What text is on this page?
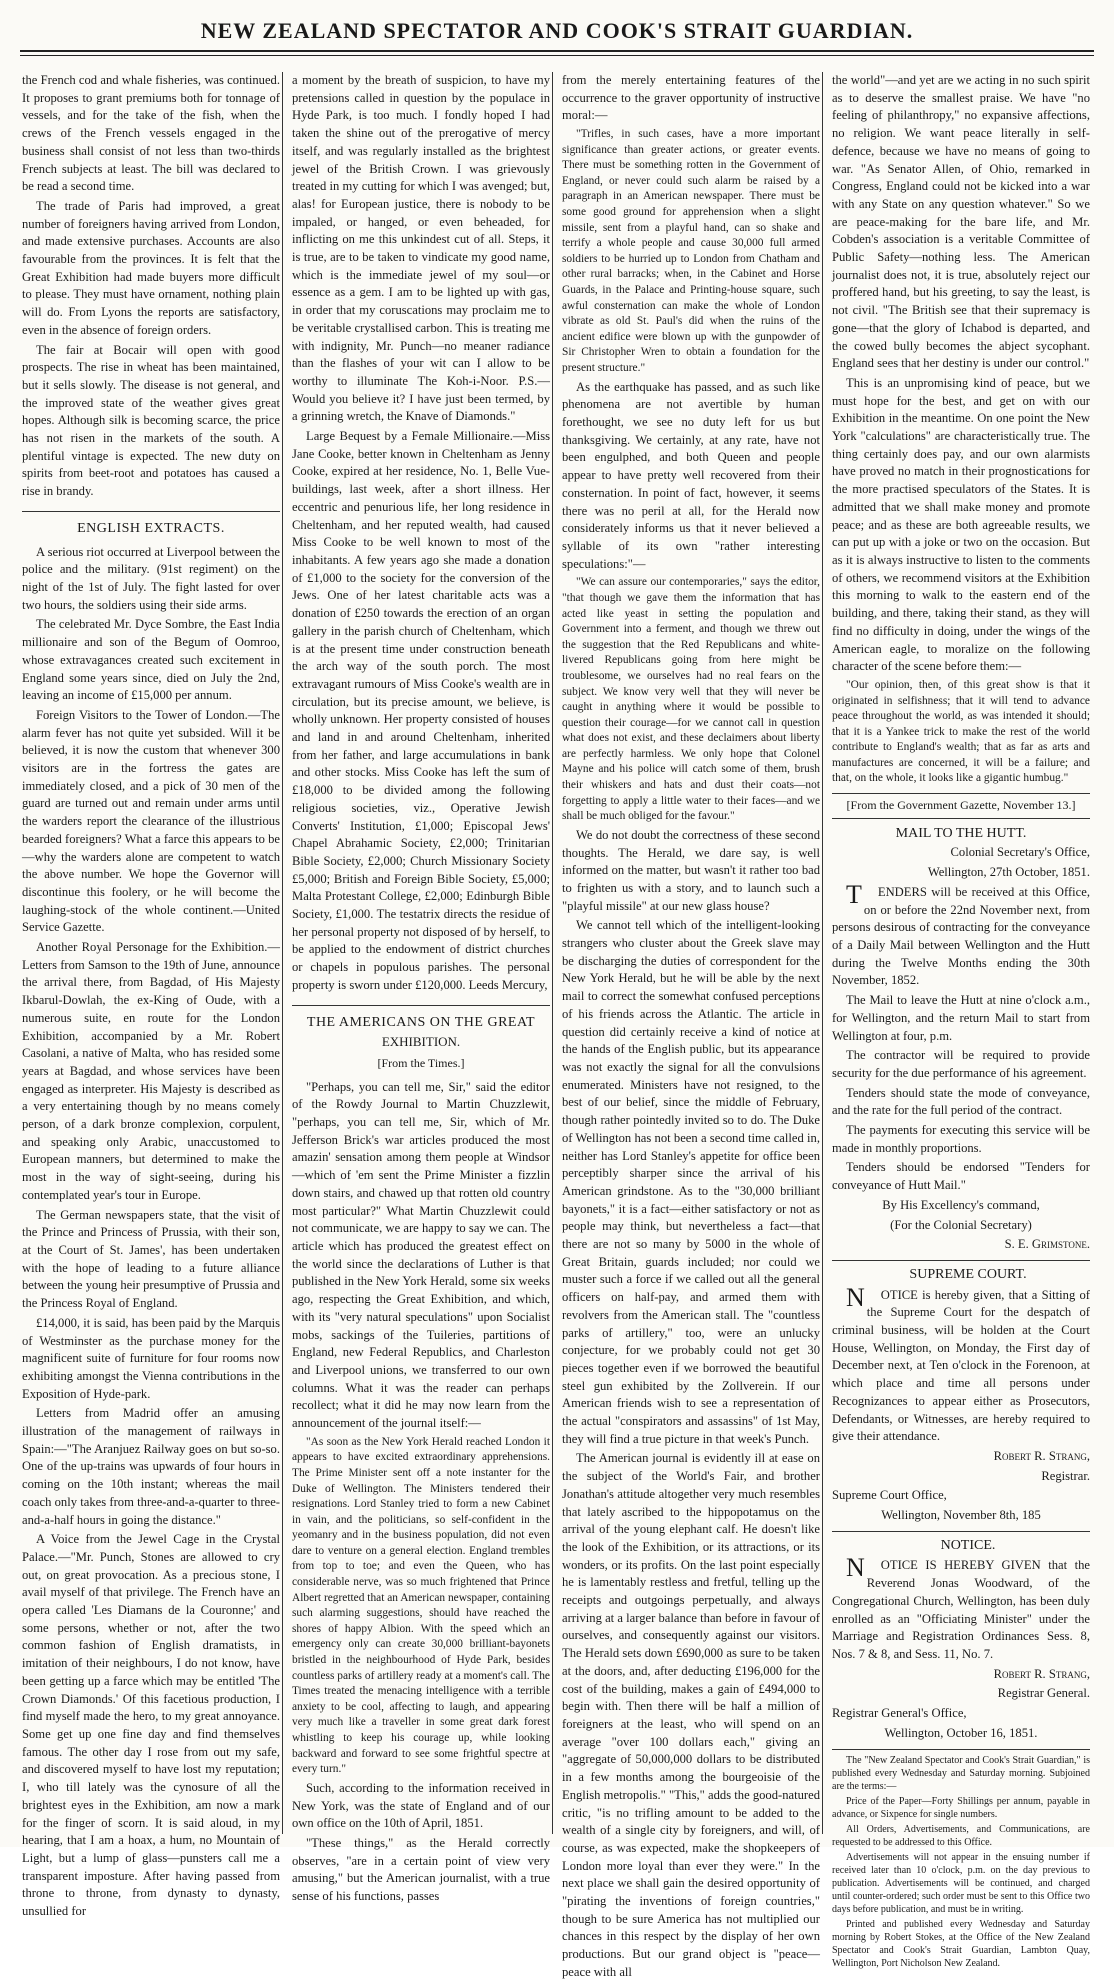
NEW ZEALAND SPECTATOR AND COOK'S STRAIT GUARDIAN.

the French cod and whale fisheries, was continued. It proposes to grant premiums both for tonnage of vessels, and for the take of the fish, when the crews of the French vessels engaged in the business shall consist of not less than two-thirds French subjects at least. The bill was declared to be read a second time.

The trade of Paris had improved, a great number of foreigners having arrived from London, and made extensive purchases. Accounts are also favourable from the provinces. It is felt that the Great Exhibition had made buyers more difficult to please. They must have ornament, nothing plain will do. From Lyons the reports are satisfactory, even in the absence of foreign orders.

The fair at Bocair will open with good prospects. The rise in wheat has been maintained, but it sells slowly. The disease is not general, and the improved state of the weather gives great hopes. Although silk is becoming scarce, the price has not risen in the markets of the south. A plentiful vintage is expected. The new duty on spirits from beet-root and potatoes has caused a rise in brandy.

ENGLISH EXTRACTS.

A serious riot occurred at Liverpool between the police and the military. (91st regiment) on the night of the 1st of July. The fight lasted for over two hours, the soldiers using their side arms.

The celebrated Mr. Dyce Sombre, the East India millionaire and son of the Begum of Oomroo, whose extravagances created such excitement in England some years since, died on July the 2nd, leaving an income of £15,000 per annum.

Foreign Visitors to the Tower of London.—The alarm fever has not quite yet subsided. Will it be believed, it is now the custom that whenever 300 visitors are in the fortress the gates are immediately closed, and a pick of 30 men of the guard are turned out and remain under arms until the warders report the clearance of the illustrious bearded foreigners? What a farce this appears to be—why the warders alone are competent to watch the above number. We hope the Governor will discontinue this foolery, or he will become the laughing-stock of the whole continent.—United Service Gazette.

Another Royal Personage for the Exhibition.—Letters from Samson to the 19th of June, announce the arrival there, from Bagdad, of His Majesty Ikbarul-Dowlah, the ex-King of Oude, with a numerous suite, en route for the London Exhibition, accompanied by a Mr. Robert Casolani, a native of Malta, who has resided some years at Bagdad, and whose services have been engaged as interpreter. His Majesty is described as a very entertaining though by no means comely person, of a dark bronze complexion, corpulent, and speaking only Arabic, unaccustomed to European manners, but determined to make the most in the way of sight-seeing, during his contemplated year's tour in Europe.

The German newspapers state, that the visit of the Prince and Princess of Prussia, with their son, at the Court of St. James', has been undertaken with the hope of leading to a future alliance between the young heir presumptive of Prussia and the Princess Royal of England.

£14,000, it is said, has been paid by the Marquis of Westminster as the purchase money for the magnificent suite of furniture for four rooms now exhibiting amongst the Vienna contributions in the Exposition of Hyde-park.

Letters from Madrid offer an amusing illustration of the management of railways in Spain:—"The Aranjuez Railway goes on but so-so. One of the up-trains was upwards of four hours in coming on the 10th instant; whereas the mail coach only takes from three-and-a-quarter to three-and-a-half hours in going the distance."

A Voice from the Jewel Cage in the Crystal Palace.—"Mr. Punch, Stones are allowed to cry out, on great provocation. As a precious stone, I avail myself of that privilege. The French have an opera called 'Les Diamans de la Couronne;' and some persons, whether or not, after the two common fashion of English dramatists, in imitation of their neighbours, I do not know, have been getting up a farce which may be entitled 'The Crown Diamonds.' Of this facetious production, I find myself made the hero, to my great annoyance. Some get up one fine day and find themselves famous. The other day I rose from out my safe, and discovered myself to have lost my reputation; I, who till lately was the cynosure of all the brightest eyes in the Exhibition, am now a mark for the finger of scorn. It is said aloud, in my hearing, that I am a hoax, a hum, no Mountain of Light, but a lump of glass—punsters call me a transparent imposture. After having passed from throne to throne, from dynasty to dynasty, unsullied for

a moment by the breath of suspicion, to have my pretensions called in question by the populace in Hyde Park, is too much. I fondly hoped I had taken the shine out of the prerogative of mercy itself, and was regularly installed as the brightest jewel of the British Crown. I was grievously treated in my cutting for which I was avenged; but, alas! for European justice, there is nobody to be impaled, or hanged, or even beheaded, for inflicting on me this unkindest cut of all. Steps, it is true, are to be taken to vindicate my good name, which is the immediate jewel of my soul—or essence as a gem. I am to be lighted up with gas, in order that my coruscations may proclaim me to be veritable crystallised carbon. This is treating me with indignity, Mr. Punch—no meaner radiance than the flashes of your wit can I allow to be worthy to illuminate The Koh-i-Noor. P.S.—Would you believe it? I have just been termed, by a grinning wretch, the Knave of Diamonds."

Large Bequest by a Female Millionaire.—Miss Jane Cooke, better known in Cheltenham as Jenny Cooke, expired at her residence, No. 1, Belle Vue-buildings, last week, after a short illness. Her eccentric and penurious life, her long residence in Cheltenham, and her reputed wealth, had caused Miss Cooke to be well known to most of the inhabitants. A few years ago she made a donation of £1,000 to the society for the conversion of the Jews. One of her latest charitable acts was a donation of £250 towards the erection of an organ gallery in the parish church of Cheltenham, which is at the present time under construction beneath the arch way of the south porch. The most extravagant rumours of Miss Cooke's wealth are in circulation, but its precise amount, we believe, is wholly unknown. Her property consisted of houses and land in and around Cheltenham, inherited from her father, and large accumulations in bank and other stocks. Miss Cooke has left the sum of £18,000 to be divided among the following religious societies, viz., Operative Jewish Converts' Institution, £1,000; Episcopal Jews' Chapel Abrahamic Society, £2,000; Trinitarian Bible Society, £2,000; Church Missionary Society £5,000; British and Foreign Bible Society, £5,000; Malta Protestant College, £2,000; Edinburgh Bible Society, £1,000. The testatrix directs the residue of her personal property not disposed of by herself, to be applied to the endowment of district churches or chapels in populous parishes. The personal property is sworn under £120,000. Leeds Mercury,

THE AMERICANS ON THE GREAT
EXHIBITION.

[From the Times.]

"Perhaps, you can tell me, Sir," said the editor of the Rowdy Journal to Martin Chuzzlewit, "perhaps, you can tell me, Sir, which of Mr. Jefferson Brick's war articles produced the most amazin' sensation among them people at Windsor—which of 'em sent the Prime Minister a fizzlin down stairs, and chawed up that rotten old country most particular?" What Martin Chuzzlewit could not communicate, we are happy to say we can. The article which has produced the greatest effect on the world since the declarations of Luther is that published in the New York Herald, some six weeks ago, respecting the Great Exhibition, and which, with its "very natural speculations" upon Socialist mobs, sackings of the Tuileries, partitions of England, new Federal Republics, and Charleston and Liverpool unions, we transferred to our own columns. What it was the reader can perhaps recollect; what it did he may now learn from the announcement of the journal itself:—

"As soon as the New York Herald reached London it appears to have excited extraordinary apprehensions. The Prime Minister sent off a note instanter for the Duke of Wellington. The Ministers tendered their resignations. Lord Stanley tried to form a new Cabinet in vain, and the politicians, so self-confident in the yeomanry and in the business population, did not even dare to venture on a general election. England trembles from top to toe; and even the Queen, who has considerable nerve, was so much frightened that Prince Albert regretted that an American newspaper, containing such alarming suggestions, should have reached the shores of happy Albion. With the speed which an emergency only can create 30,000 brilliant-bayonets bristled in the neighbourhood of Hyde Park, besides countless parks of artillery ready at a moment's call. The Times treated the menacing intelligence with a terrible anxiety to be cool, affecting to laugh, and appearing very much like a traveller in some great dark forest whistling to keep his courage up, while looking backward and forward to see some frightful spectre at every turn."

Such, according to the information received in New York, was the state of England and of our own office on the 10th of April, 1851.

"These things," as the Herald correctly observes, "are in a certain point of view very amusing," but the American journalist, with a true sense of his functions, passes

from the merely entertaining features of the occurrence to the graver opportunity of instructive moral:—

"Trifles, in such cases, have a more important significance than greater actions, or greater events. There must be something rotten in the Government of England, or never could such alarm be raised by a paragraph in an American newspaper. There must be some good ground for apprehension when a slight missile, sent from a playful hand, can so shake and terrify a whole people and cause 30,000 full armed soldiers to be hurried up to London from Chatham and other rural barracks; when, in the Cabinet and Horse Guards, in the Palace and Printing-house square, such awful consternation can make the whole of London vibrate as old St. Paul's did when the ruins of the ancient edifice were blown up with the gunpowder of Sir Christopher Wren to obtain a foundation for the present structure."

As the earthquake has passed, and as such like phenomena are not avertible by human forethought, we see no duty left for us but thanksgiving. We certainly, at any rate, have not been engulphed, and both Queen and people appear to have pretty well recovered from their consternation. In point of fact, however, it seems there was no peril at all, for the Herald now considerately informs us that it never believed a syllable of its own "rather interesting speculations:"—

"We can assure our contemporaries," says the editor, "that though we gave them the information that has acted like yeast in setting the population and Government into a ferment, and though we threw out the suggestion that the Red Republicans and white-livered Republicans going from here might be troublesome, we ourselves had no real fears on the subject. We know very well that they will never be caught in anything where it would be possible to question their courage—for we cannot call in question what does not exist, and these declaimers about liberty are perfectly harmless. We only hope that Colonel Mayne and his police will catch some of them, brush their whiskers and hats and dust their coats—not forgetting to apply a little water to their faces—and we shall be much obliged for the favour."

We do not doubt the correctness of these second thoughts. The Herald, we dare say, is well informed on the matter, but wasn't it rather too bad to frighten us with a story, and to launch such a "playful missile" at our new glass house?

We cannot tell which of the intelligent-looking strangers who cluster about the Greek slave may be discharging the duties of correspondent for the New York Herald, but he will be able by the next mail to correct the somewhat confused perceptions of his friends across the Atlantic. The article in question did certainly receive a kind of notice at the hands of the English public, but its appearance was not exactly the signal for all the convulsions enumerated. Ministers have not resigned, to the best of our belief, since the middle of February, though rather pointedly invited so to do. The Duke of Wellington has not been a second time called in, neither has Lord Stanley's appetite for office been perceptibly sharper since the arrival of his American grindstone. As to the "30,000 brilliant bayonets," it is a fact—either satisfactory or not as people may think, but nevertheless a fact—that there are not so many by 5000 in the whole of Great Britain, guards included; nor could we muster such a force if we called out all the general officers on half-pay, and armed them with revolvers from the American stall. The "countless parks of artillery," too, were an unlucky conjecture, for we probably could not get 30 pieces together even if we borrowed the beautiful steel gun exhibited by the Zollverein. If our American friends wish to see a representation of the actual "conspirators and assassins" of 1st May, they will find a true picture in that week's Punch.

The American journal is evidently ill at ease on the subject of the World's Fair, and brother Jonathan's attitude altogether very much resembles that lately ascribed to the hippopotamus on the arrival of the young elephant calf. He doesn't like the look of the Exhibition, or its attractions, or its wonders, or its profits. On the last point especially he is lamentably restless and fretful, telling up the receipts and outgoings perpetually, and always arriving at a larger balance than before in favour of ourselves, and consequently against our visitors. The Herald sets down £690,000 as sure to be taken at the doors, and, after deducting £196,000 for the cost of the building, makes a gain of £494,000 to begin with. Then there will be half a million of foreigners at the least, who will spend on an average "over 100 dollars each," giving an "aggregate of 50,000,000 dollars to be distributed in a few months among the bourgeoisie of the English metropolis." "This," adds the good-natured critic, "is no trifling amount to be added to the wealth of a single city by foreigners, and will, of course, as was expected, make the shopkeepers of London more loyal than ever they were." In the next place we shall gain the desired opportunity of "pirating the inventions of foreign countries," though to be sure America has not multiplied our chances in this respect by the display of her own productions. But our grand object is "peace—peace with all

the world"—and yet are we acting in no such spirit as to deserve the smallest praise. We have "no feeling of philanthropy," no expansive affections, no religion. We want peace literally in self-defence, because we have no means of going to war. "As Senator Allen, of Ohio, remarked in Congress, England could not be kicked into a war with any State on any question whatever." So we are peace-making for the bare life, and Mr. Cobden's association is a veritable Committee of Public Safety—nothing less. The American journalist does not, it is true, absolutely reject our proffered hand, but his greeting, to say the least, is not civil. "The British see that their supremacy is gone—that the glory of Ichabod is departed, and the cowed bully becomes the abject sycophant. England sees that her destiny is under our control."

This is an unpromising kind of peace, but we must hope for the best, and get on with our Exhibition in the meantime. On one point the New York "calculations" are characteristically true. The thing certainly does pay, and our own alarmists have proved no match in their prognostications for the more practised speculators of the States. It is admitted that we shall make money and promote peace; and as these are both agreeable results, we can put up with a joke or two on the occasion. But as it is always instructive to listen to the comments of others, we recommend visitors at the Exhibition this morning to walk to the eastern end of the building, and there, taking their stand, as they will find no difficulty in doing, under the wings of the American eagle, to moralize on the following character of the scene before them:—

"Our opinion, then, of this great show is that it originated in selfishness; that it will tend to advance peace throughout the world, as was intended it should; that it is a Yankee trick to make the rest of the world contribute to England's wealth; that as far as arts and manufactures are concerned, it will be a failure; and that, on the whole, it looks like a gigantic humbug."

[From the Government Gazette, November 13.]

MAIL TO THE HUTT.

Colonial Secretary's Office,

Wellington, 27th October, 1851.

TENDERS will be received at this Office, on or before the 22nd November next, from persons desirous of contracting for the conveyance of a Daily Mail between Wellington and the Hutt during the Twelve Months ending the 30th November, 1852.

The Mail to leave the Hutt at nine o'clock a.m., for Wellington, and the return Mail to start from Wellington at four, p.m.

The contractor will be required to provide security for the due performance of his agreement.

Tenders should state the mode of conveyance, and the rate for the full period of the contract.

The payments for executing this service will be made in monthly proportions.

Tenders should be endorsed "Tenders for conveyance of Hutt Mail."

By His Excellency's command,

(For the Colonial Secretary)

S. E. Grimstone.

SUPREME COURT.

NOTICE is hereby given, that a Sitting of the Supreme Court for the despatch of criminal business, will be holden at the Court House, Wellington, on Monday, the First day of December next, at Ten o'clock in the Forenoon, at which place and time all persons under Recognizances to appear either as Prosecutors, Defendants, or Witnesses, are hereby required to give their attendance.

Robert R. Strang,

Registrar.

Supreme Court Office,

Wellington, November 8th, 185

NOTICE.

NOTICE IS HEREBY GIVEN that the Reverend Jonas Woodward, of the Congregational Church, Wellington, has been duly enrolled as an "Officiating Minister" under the Marriage and Registration Ordinances Sess. 8, Nos. 7 & 8, and Sess. 11, No. 7.

Robert R. Strang,

Registrar General.

Registrar General's Office,

Wellington, October 16, 1851.

The "New Zealand Spectator and Cook's Strait Guardian," is published every Wednesday and Saturday morning. Subjoined are the terms:—

Price of the Paper—Forty Shillings per annum, payable in advance, or Sixpence for single numbers.

All Orders, Advertisements, and Communications, are requested to be addressed to this Office.

Advertisements will not appear in the ensuing number if received later than 10 o'clock, p.m. on the day previous to publication. Advertisements will be continued, and charged until counter-ordered; such order must be sent to this Office two days before publication, and must be in writing.

Printed and published every Wednesday and Saturday morning by Robert Stokes, at the Office of the New Zealand Spectator and Cook's Strait Guardian, Lambton Quay, Wellington, Port Nicholson New Zealand.
